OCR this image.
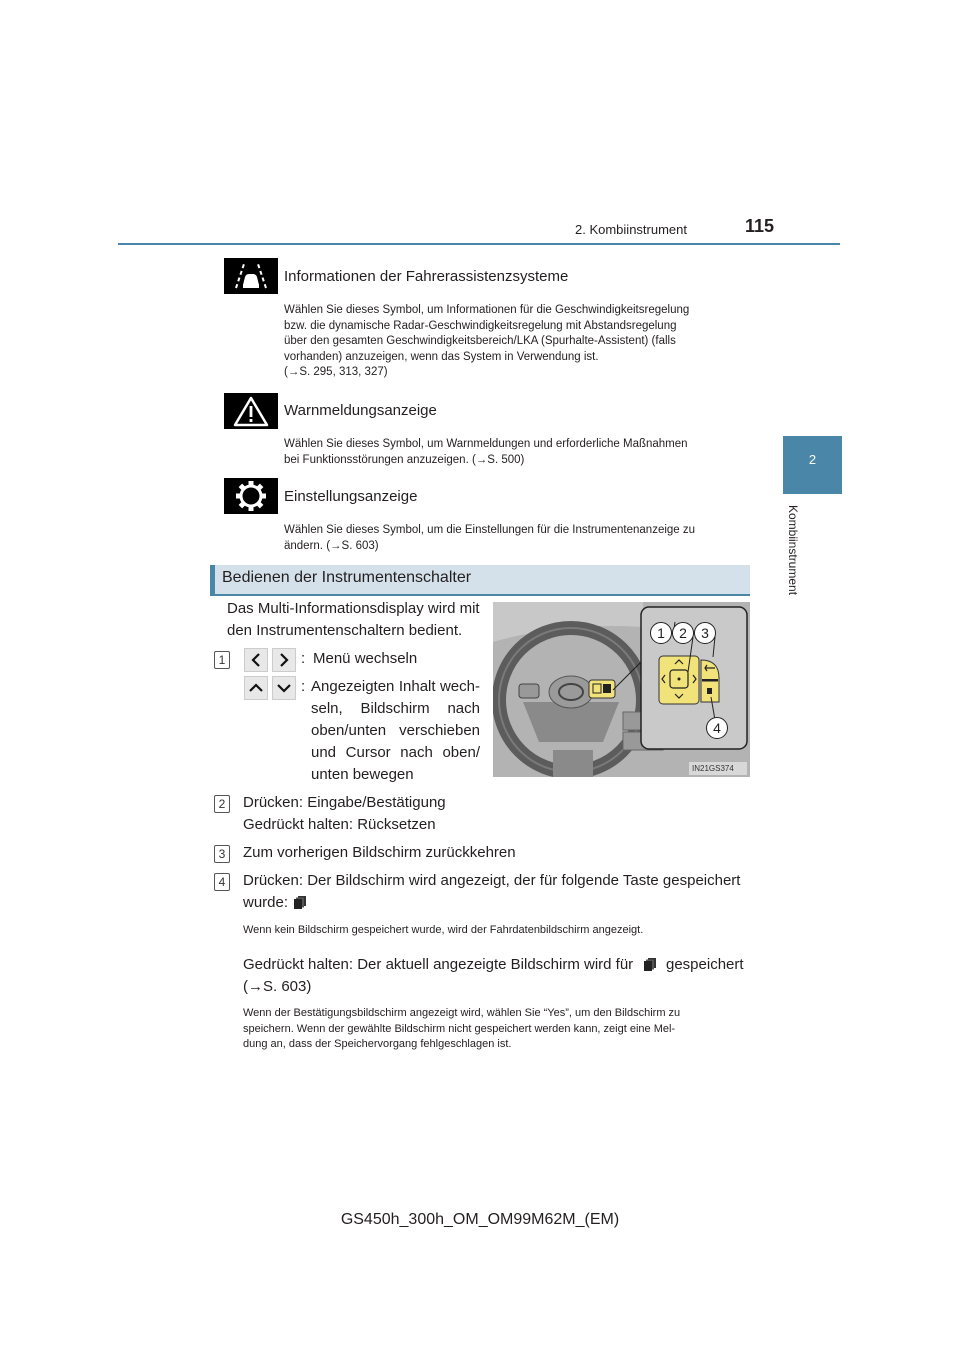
2. Kombiinstrument	115
2
Kombiinstrument
Informationen der Fahrerassistenzsysteme
Wählen Sie dieses Symbol, um Informationen für die Geschwindigkeitsregelung
bzw. die dynamische Radar-Geschwindigkeitsregelung mit Abstandsregelung
über den gesamten Geschwindigkeitsbereich/LKA (Spurhalte-Assistent) (falls
vorhanden) anzuzeigen, wenn das System in Verwendung ist.
(→S. 295, 313, 327)
Warnmeldungsanzeige
Wählen Sie dieses Symbol, um Warnmeldungen und erforderliche Maßnahmen
bei Funktionsstörungen anzuzeigen. (→S. 500)
Einstellungsanzeige
Wählen Sie dieses Symbol, um die Einstellungen für die Instrumentenanzeige zu
ändern. (→S. 603)
Bedienen der Instrumentenschalter
Das Multi-Informationsdisplay wird mit
den Instrumentenschaltern bedient.
1	: Menü wechseln
: Angezeigten Inhalt wech-
seln, Bildschirm nach
oben/unten verschieben
und Cursor nach oben/
unten bewegen
1	2	3
4
IN21GS374
2	Drücken: Eingabe/Bestätigung
Gedrückt halten: Rücksetzen
3	Zum vorherigen Bildschirm zurückkehren
4	Drücken: Der Bildschirm wird angezeigt, der für folgende Taste gespeichert
wurde:
Wenn kein Bildschirm gespeichert wurde, wird der Fahrdatenbildschirm angezeigt.
Gedrückt halten: Der aktuell angezeigte Bildschirm wird für gespeichert
(→S. 603)
Wenn der Bestätigungsbildschirm angezeigt wird, wählen Sie “Yes”, um den Bildschirm zu
speichern. Wenn der gewählte Bildschirm nicht gespeichert werden kann, zeigt eine Mel-
dung an, dass der Speichervorgang fehlgeschlagen ist.
GS450h_300h_OM_OM99M62M_(EM)
